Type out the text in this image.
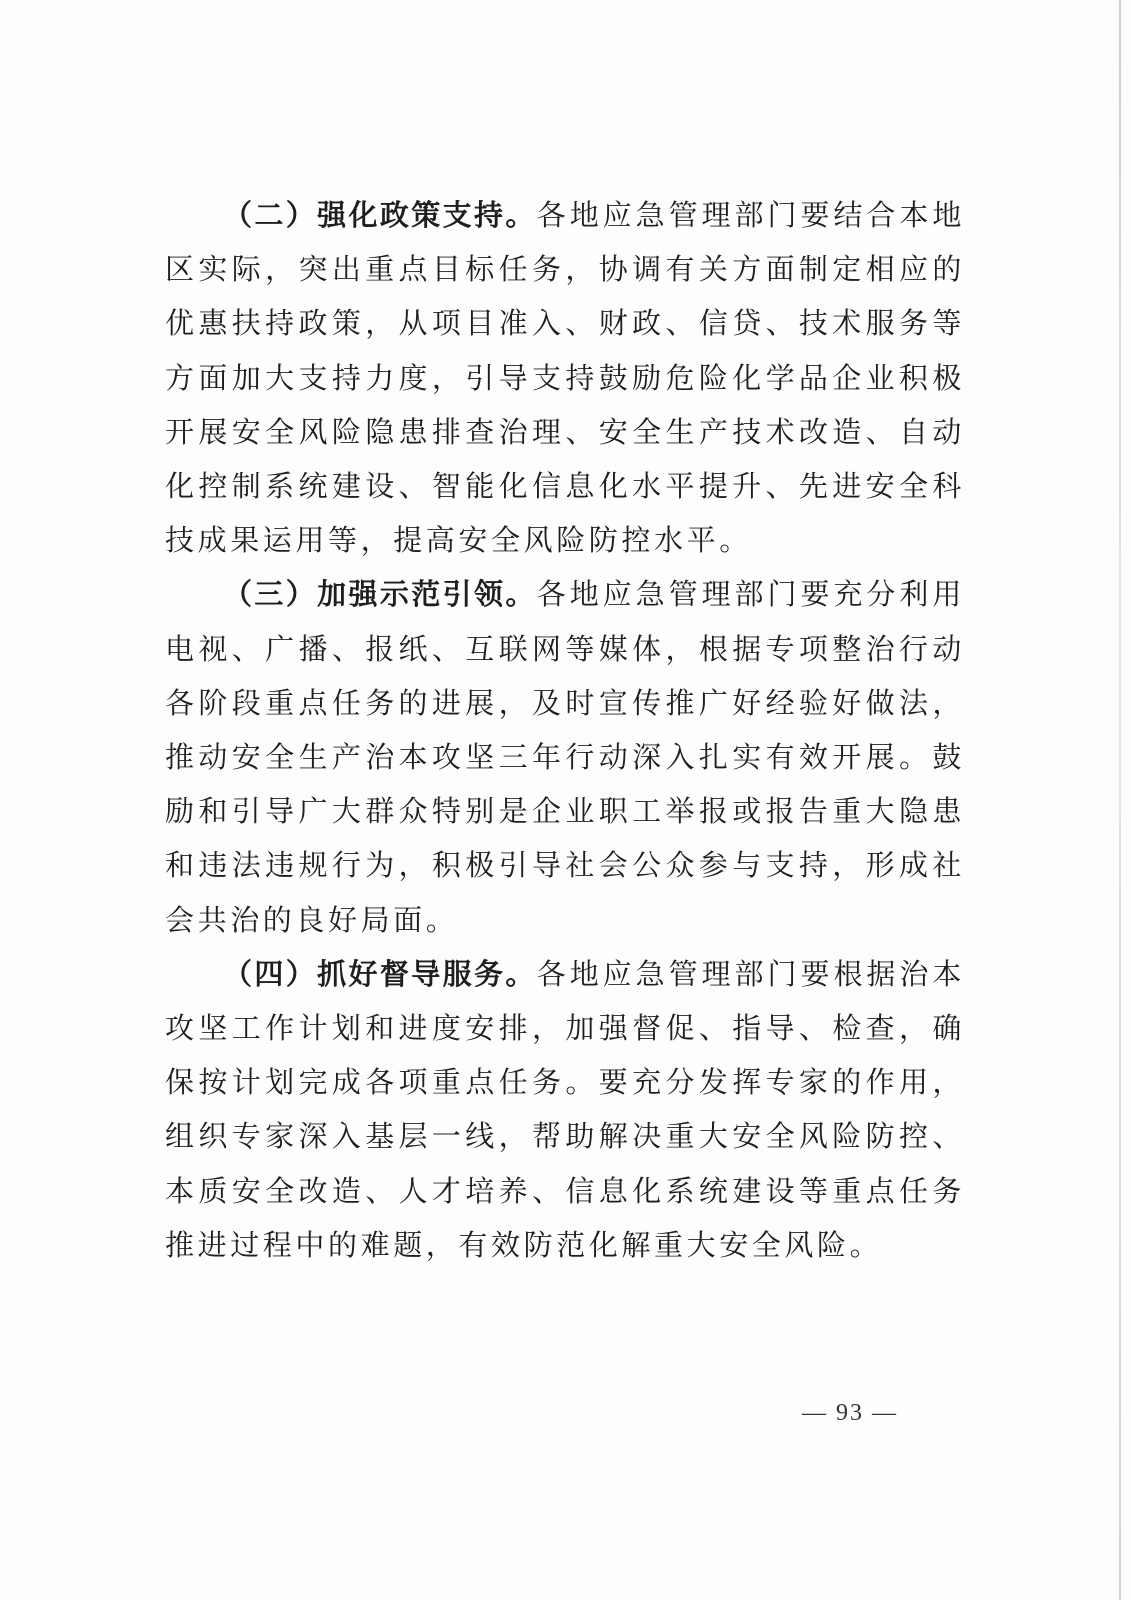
（二）强化政策支持。各地应急管理部门要结合本地区实际，突出重点目标任务，协调有关方面制定相应的优惠扶持政策，从项目准入、财政、信贷、技术服务等方面加大支持力度，引导支持鼓励危险化学品企业积极开展安全风险隐患排查治理、安全生产技术改造、自动化控制系统建设、智能化信息化水平提升、先进安全科技成果运用等，提高安全风险防控水平。

（三）加强示范引领。各地应急管理部门要充分利用电视、广播、报纸、互联网等媒体，根据专项整治行动各阶段重点任务的进展，及时宣传推广好经验好做法，推动安全生产治本攻坚三年行动深入扎实有效开展。鼓励和引导广大群众特别是企业职工举报或报告重大隐患和违法违规行为，积极引导社会公众参与支持，形成社会共治的良好局面。

（四）抓好督导服务。各地应急管理部门要根据治本攻坚工作计划和进度安排，加强督促、指导、检查，确保按计划完成各项重点任务。要充分发挥专家的作用，组织专家深入基层一线，帮助解决重大安全风险防控、本质安全改造、人才培养、信息化系统建设等重点任务推进过程中的难题，有效防范化解重大安全风险。

— 93 —
